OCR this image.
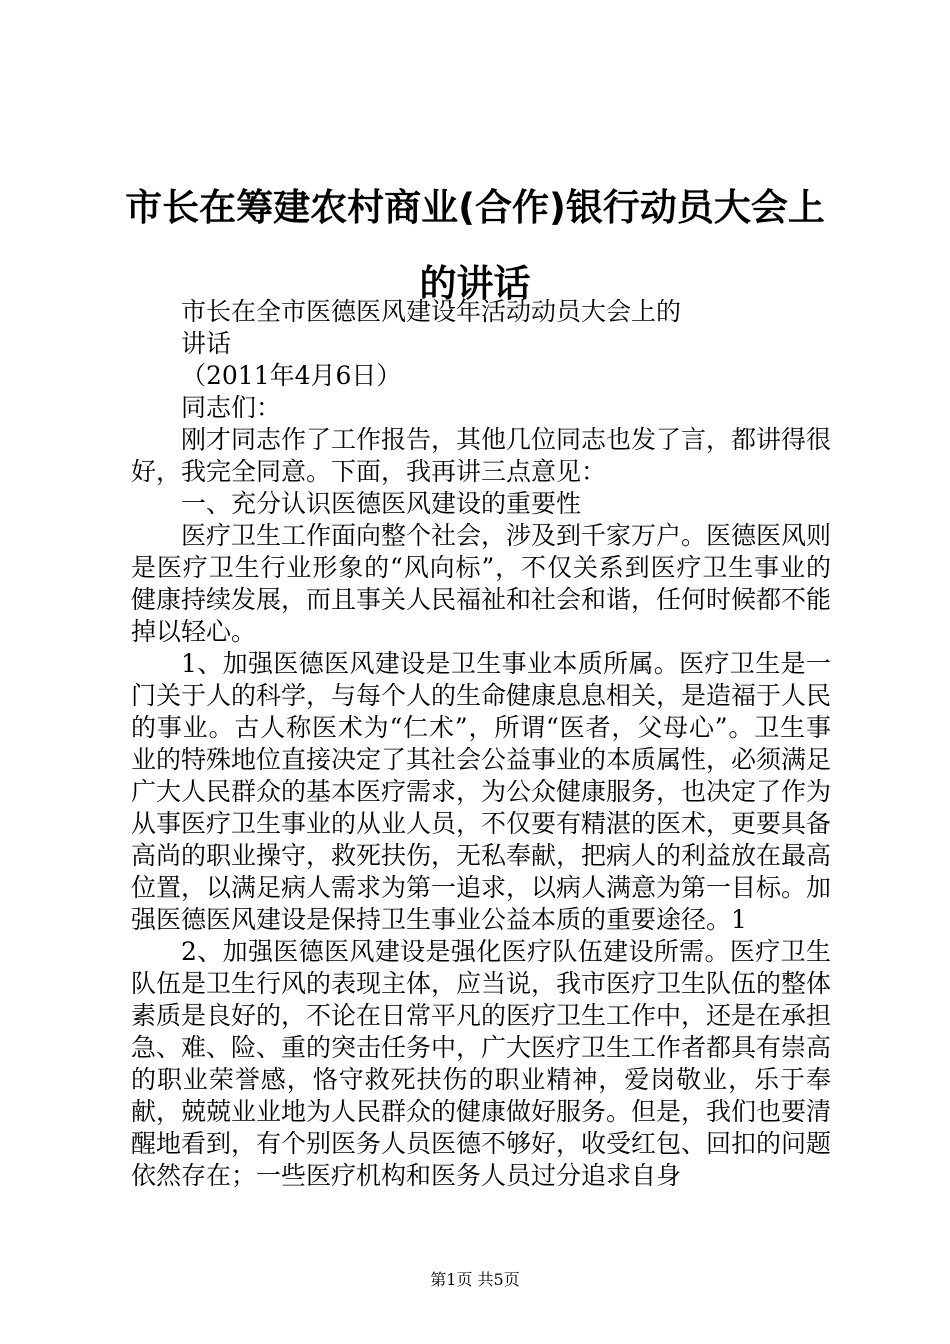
市长在筹建农村商业(合作)银行动员大会上的讲话

市长在全市医德医风建设年活动动员大会上的

讲话

（2011年4月6日）

同志们：

刚才同志作了工作报告，其他几位同志也发了言，都讲得很好，我完全同意。下面，我再讲三点意见：

一、充分认识医德医风建设的重要性

医疗卫生工作面向整个社会，涉及到千家万户。医德医风则是医疗卫生行业形象的“风向标”，不仅关系到医疗卫生事业的健康持续发展，而且事关人民福祉和社会和谐，任何时候都不能掉以轻心。

1、加强医德医风建设是卫生事业本质所属。医疗卫生是一门关于人的科学，与每个人的生命健康息息相关，是造福于人民的事业。古人称医术为“仁术”，所谓“医者，父母心”。卫生事业的特殊地位直接决定了其社会公益事业的本质属性，必须满足广大人民群众的基本医疗需求，为公众健康服务，也决定了作为从事医疗卫生事业的从业人员，不仅要有精湛的医术，更要具备高尚的职业操守，救死扶伤，无私奉献，把病人的利益放在最高位置，以满足病人需求为第一追求，以病人满意为第一目标。加强医德医风建设是保持卫生事业公益本质的重要途径。1

2、加强医德医风建设是强化医疗队伍建设所需。医疗卫生队伍是卫生行风的表现主体，应当说，我市医疗卫生队伍的整体素质是良好的，不论在日常平凡的医疗卫生工作中，还是在承担急、难、险、重的突击任务中，广大医疗卫生工作者都具有崇高的职业荣誉感，恪守救死扶伤的职业精神，爱岗敬业，乐于奉献，兢兢业业地为人民群众的健康做好服务。但是，我们也要清醒地看到，有个别医务人员医德不够好，收受红包、回扣的问题依然存在；一些医疗机构和医务人员过分追求自身

第1页 共5页
